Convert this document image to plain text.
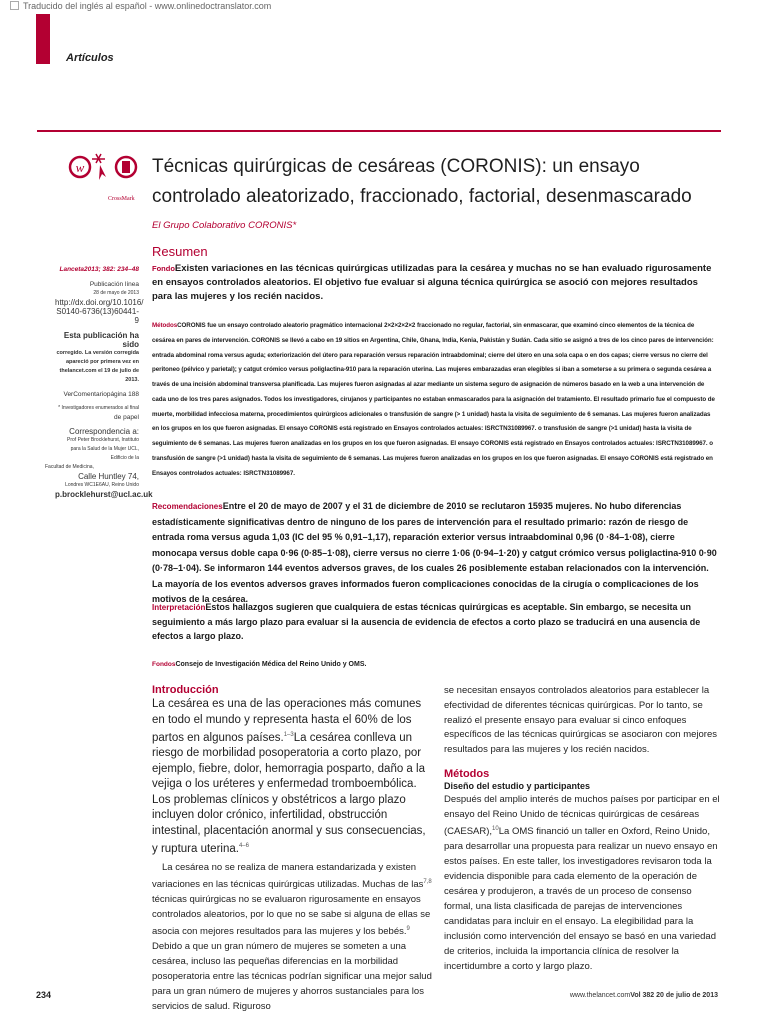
Traducido del inglés al español - www.onlinedoctranslator.com
Artículos
w
CrossMark
Técnicas quirúrgicas de cesáreas (CORONIS): un ensayo controlado aleatorizado, fraccionado, factorial, desenmascarado
El Grupo Colaborativo CORONIS*
Resumen
Lanceta2013; 382: 234–48
Publicación línea
28 de mayo de 2013
http://dx.doi.org/10.1016/
S0140-6736(13)60441-9
Esta publicación ha sido
corregido. La versión corregida
apareció por primera vez en
thelancet.com el 19 de julio de 2013.
VerComentariopágina 188
* Investigadores enumerados al final
de papel
Correspondencia a:
Prof Peter Brocklehurst, Instituto
para la Salud de la Mujer UCL, Edificio de la
Facultad de Medicina,
Calle Huntley 74,
Londres WC1E6AU, Reino Unido
p.brocklehurst@ucl.ac.uk
FondoExisten variaciones en las técnicas quirúrgicas utilizadas para la cesárea y muchas no se han evaluado rigurosamente en ensayos controlados aleatorios. El objetivo fue evaluar si alguna técnica quirúrgica se asoció con mejores resultados para las mujeres y los recién nacidos.
MétodosCORONIS fue un ensayo controlado aleatorio pragmático internacional 2×2×2×2×2 fraccionado no regular, factorial, sin enmascarar, que examinó cinco elementos de la técnica de cesárea en pares de intervención. CORONIS se llevó a cabo en 19 sitios en Argentina, Chile, Ghana, India, Kenia, Pakistán y Sudán. Cada sitio se asignó a tres de los cinco pares de intervención: entrada abdominal roma versus aguda; exteriorización del útero para reparación versus reparación intraabdominal; cierre del útero en una sola capa o en dos capas; cierre versus no cierre del peritoneo (pélvico y parietal); y catgut crómico versus poliglactina-910 para la reparación uterina. Las mujeres embarazadas eran elegibles si iban a someterse a su primera o segunda cesárea a través de una incisión abdominal transversa planificada. Las mujeres fueron asignadas al azar mediante un sistema seguro de asignación de números basado en la web a una intervención de cada uno de los tres pares asignados. Todos los investigadores, cirujanos y participantes no estaban enmascarados para la asignación del tratamiento. El resultado primario fue el compuesto de muerte, morbilidad infecciosa materna, procedimientos quirúrgicos adicionales o transfusión de sangre (> 1 unidad) hasta la visita de seguimiento de 6 semanas. Las mujeres fueron analizadas en los grupos en los que fueron asignadas. El ensayo CORONIS está registrado en Ensayos controlados actuales: ISRCTN31089967. o transfusión de sangre (>1 unidad) hasta la visita de seguimiento de 6 semanas. Las mujeres fueron analizadas en los grupos en los que fueron asignadas. El ensayo CORONIS está registrado en Ensayos controlados actuales: ISRCTN31089967. o transfusión de sangre (>1 unidad) hasta la visita de seguimiento de 6 semanas. Las mujeres fueron analizadas en los grupos en los que fueron asignadas. El ensayo CORONIS está registrado en Ensayos controlados actuales: ISRCTN31089967.
RecomendacionesEntre el 20 de mayo de 2007 y el 31 de diciembre de 2010 se reclutaron 15935 mujeres. No hubo diferencias estadísticamente significativas dentro de ninguno de los pares de intervención para el resultado primario: razón de riesgo de entrada roma versus aguda 1,03 (IC del 95 % 0,91–1,17), reparación exterior versus intraabdominal 0,96 (0 ·84–1·08), cierre monocapa versus doble capa 0·96 (0·85–1·08), cierre versus no cierre 1·06 (0·94–1·20) y catgut crómico versus poliglactina-910 0·90 (0·78–1·04). Se informaron 144 eventos adversos graves, de los cuales 26 posiblemente estaban relacionados con la intervención. La mayoría de los eventos adversos graves informados fueron complicaciones conocidas de la cirugía o complicaciones de los motivos de la cesárea.
InterpretaciónEstos hallazgos sugieren que cualquiera de estas técnicas quirúrgicas es aceptable. Sin embargo, se necesita un seguimiento a más largo plazo para evaluar si la ausencia de evidencia de efectos a corto plazo se traducirá en una ausencia de efectos a largo plazo.
FondosConsejo de Investigación Médica del Reino Unido y OMS.
Introducción
La cesárea es una de las operaciones más comunes en todo el mundo y representa hasta el 60% de los partos en algunos países.$^{1-3}$La cesárea conlleva un riesgo de morbilidad posoperatoria a corto plazo, por ejemplo, fiebre, dolor, hemorragia posparto, daño a la vejiga o los uréteres y enfermedad tromboembólica. Los problemas clínicos y obstétricos a largo plazo incluyen dolor crónico, infertilidad, obstrucción intestinal, placentación anormal y sus consecuencias, y ruptura uterina.$^{4-6}$
La cesárea no se realiza de manera estandarizada y existen variaciones en las técnicas quirúrgicas utilizadas. Muchas de las$^{7,8}$ técnicas quirúrgicas no se evaluaron rigurosamente en ensayos controlados aleatorios, por lo que no se sabe si alguna de ellas se asocia con mejores resultados para las mujeres y los bebés.$^9$ Debido a que un gran número de mujeres se someten a una cesárea, incluso las pequeñas diferencias en la morbilidad posoperatoria entre las técnicas podrían significar una mejor salud para un gran número de mujeres y ahorros sustanciales para los servicios de salud. Riguroso
se necesitan ensayos controlados aleatorios para establecer la efectividad de diferentes técnicas quirúrgicas. Por lo tanto, se realizó el presente ensayo para evaluar si cinco enfoques específicos de las técnicas quirúrgicas se asociaron con mejores resultados para las mujeres y los recién nacidos.
Métodos
Diseño del estudio y participantes
Después del amplio interés de muchos países por participar en el ensayo del Reino Unido de técnicas quirúrgicas de cesáreas (CAESAR),$^{10}$La OMS financió un taller en Oxford, Reino Unido, para desarrollar una propuesta para realizar un nuevo ensayo en estos países. En este taller, los investigadores revisaron toda la evidencia disponible para cada elemento de la operación de cesárea y produjeron, a través de un proceso de consenso formal, una lista clasificada de parejas de intervenciones candidatas para incluir en el ensayo. La elegibilidad para la inclusión como intervención del ensayo se basó en una variedad de criterios, incluida la importancia clínica de resolver la incertidumbre a corto y largo plazo.
234	www.thelancet.comVol 382 20 de julio de 2013
